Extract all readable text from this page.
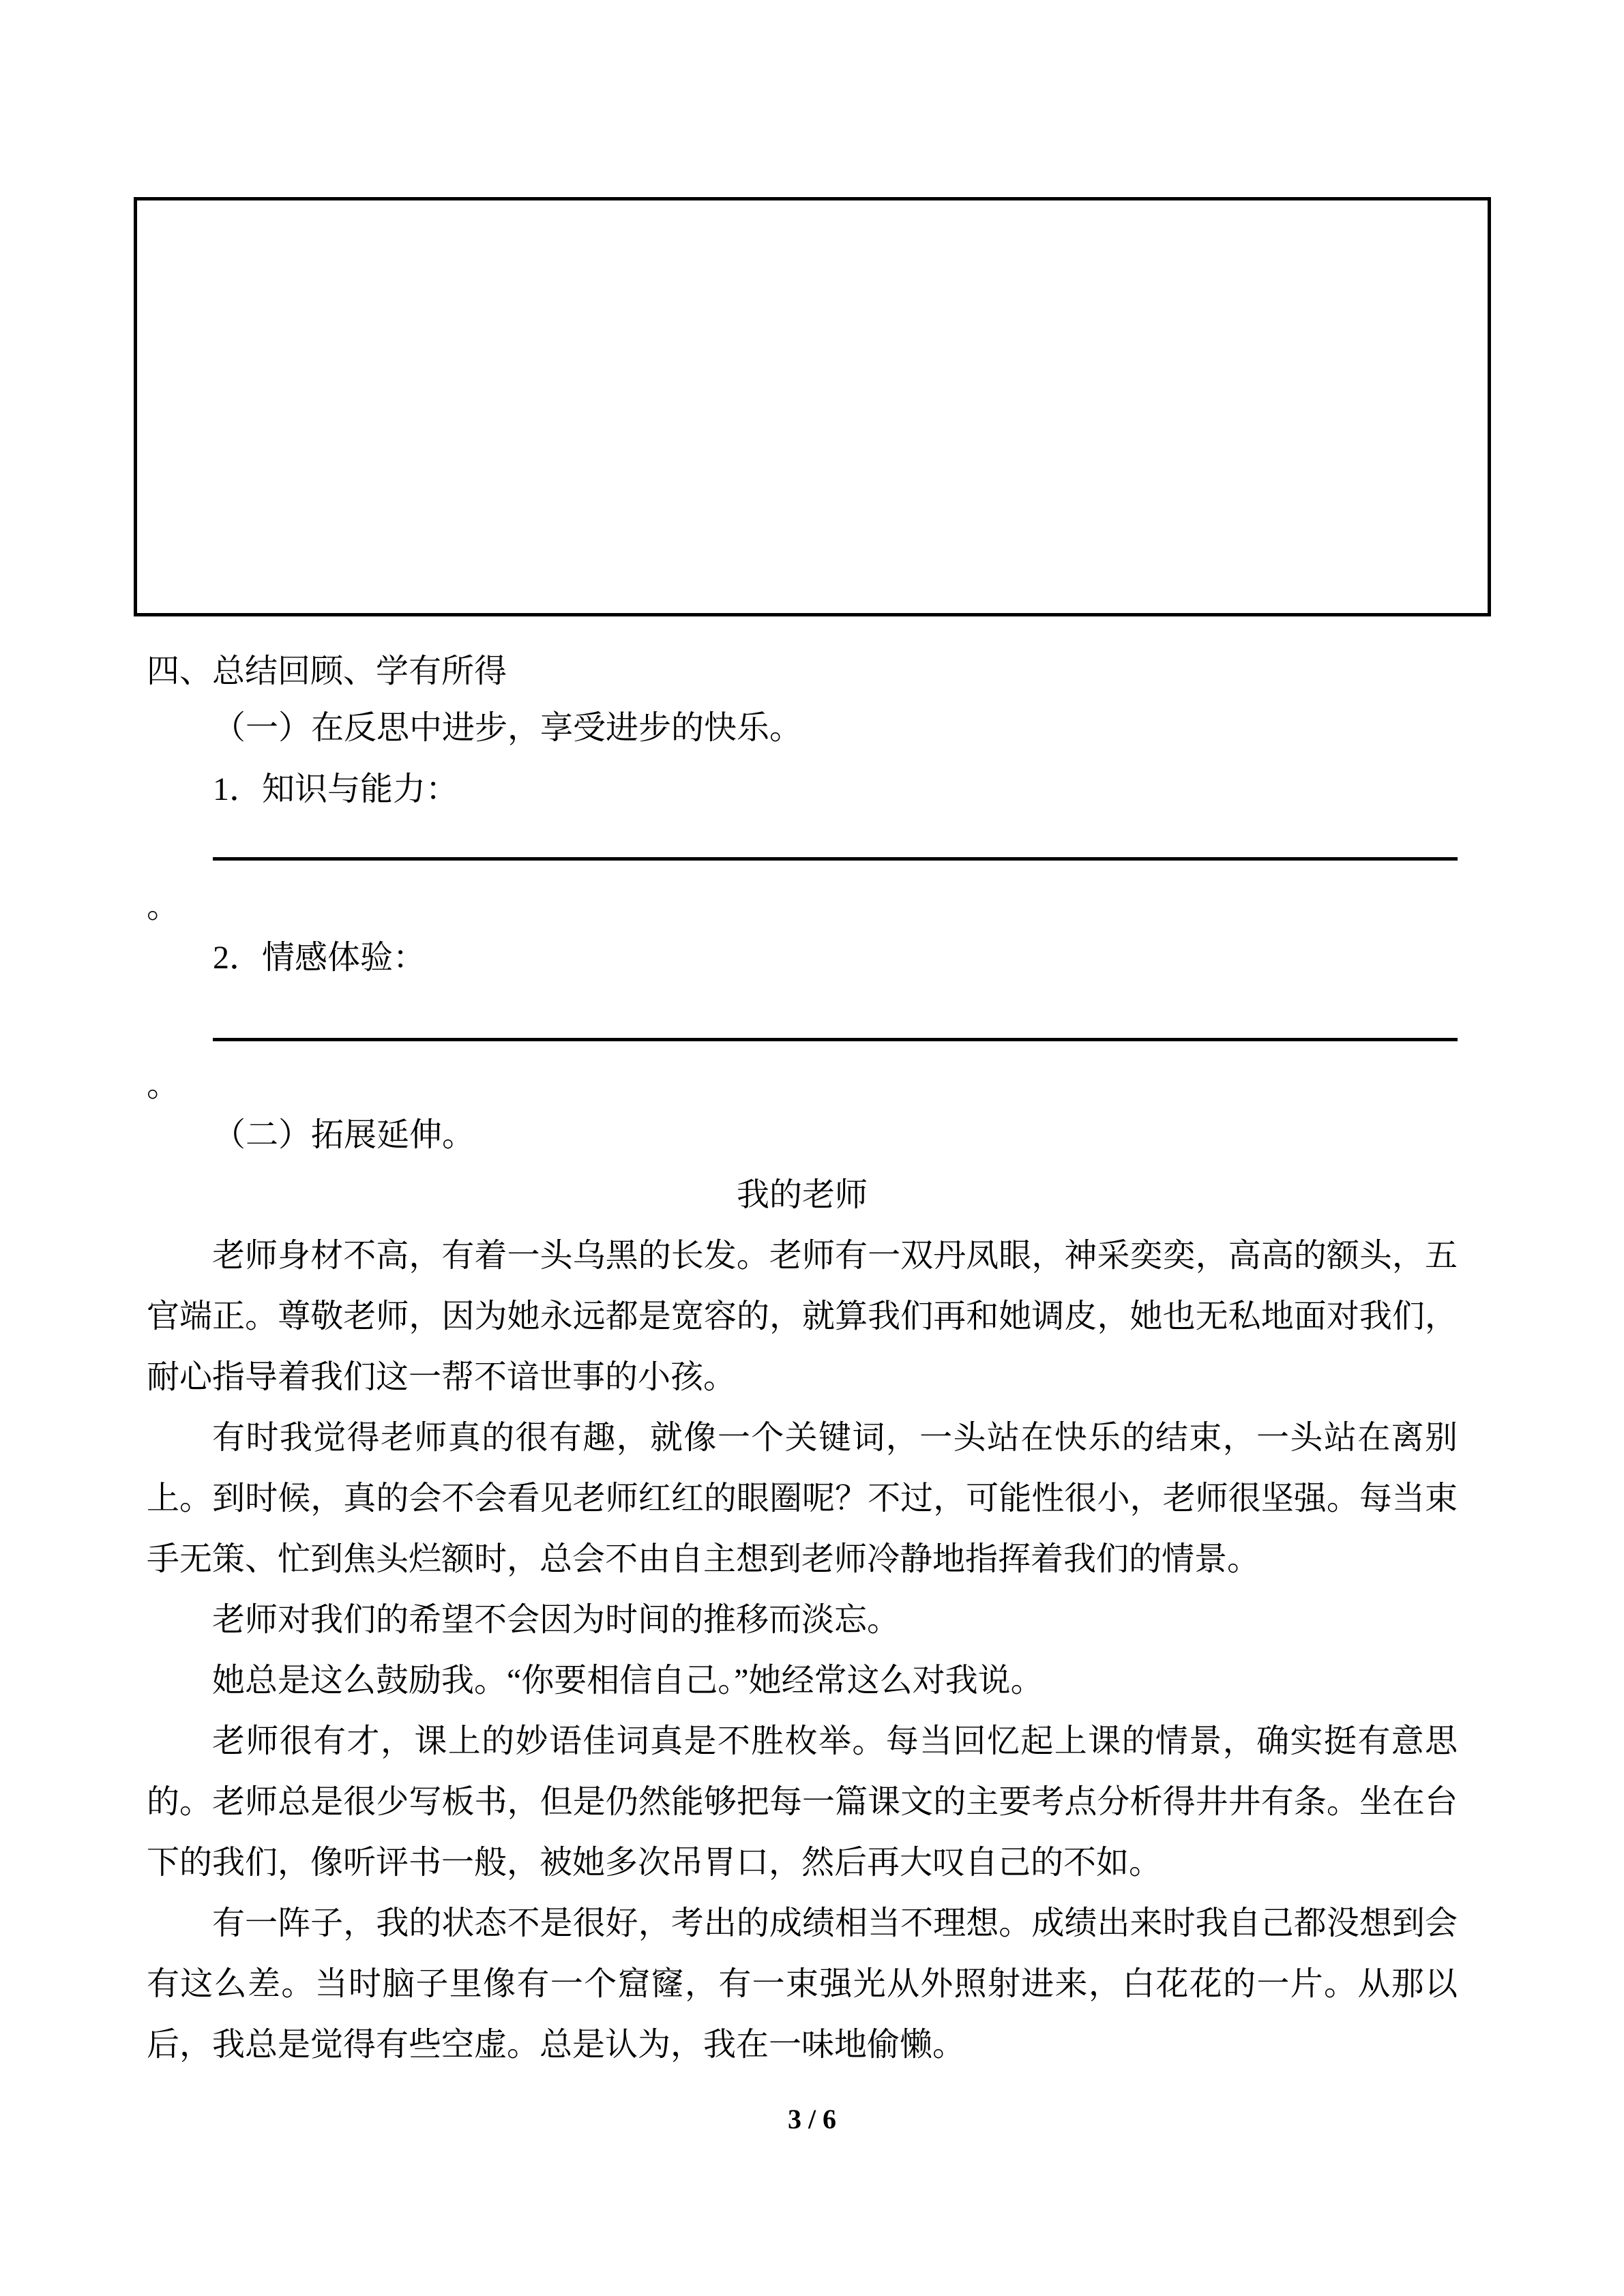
四、总结回顾、学有所得
（一）在反思中进步，享受进步的快乐。
1．知识与能力：
。
2．情感体验：
。
（二）拓展延伸。
我的老师

老师身材不高，有着一头乌黑的长发。老师有一双丹凤眼，神采奕奕，高高的额头，五官端正。尊敬老师，因为她永远都是宽容的，就算我们再和她调皮，她也无私地面对我们，耐心指导着我们这一帮不谙世事的小孩。

有时我觉得老师真的很有趣，就像一个关键词，一头站在快乐的结束，一头站在离别上。到时候，真的会不会看见老师红红的眼圈呢？不过，可能性很小，老师很坚强。每当束手无策、忙到焦头烂额时，总会不由自主想到老师冷静地指挥着我们的情景。

老师对我们的希望不会因为时间的推移而淡忘。

她总是这么鼓励我。“你要相信自己。”她经常这么对我说。

老师很有才，课上的妙语佳词真是不胜枚举。每当回忆起上课的情景，确实挺有意思的。老师总是很少写板书，但是仍然能够把每一篇课文的主要考点分析得井井有条。坐在台下的我们，像听评书一般，被她多次吊胃口，然后再大叹自己的不如。

有一阵子，我的状态不是很好，考出的成绩相当不理想。成绩出来时我自己都没想到会有这么差。当时脑子里像有一个窟窿，有一束强光从外照射进来，白花花的一片。从那以后，我总是觉得有些空虚。总是认为，我在一味地偷懒。

3 / 6
